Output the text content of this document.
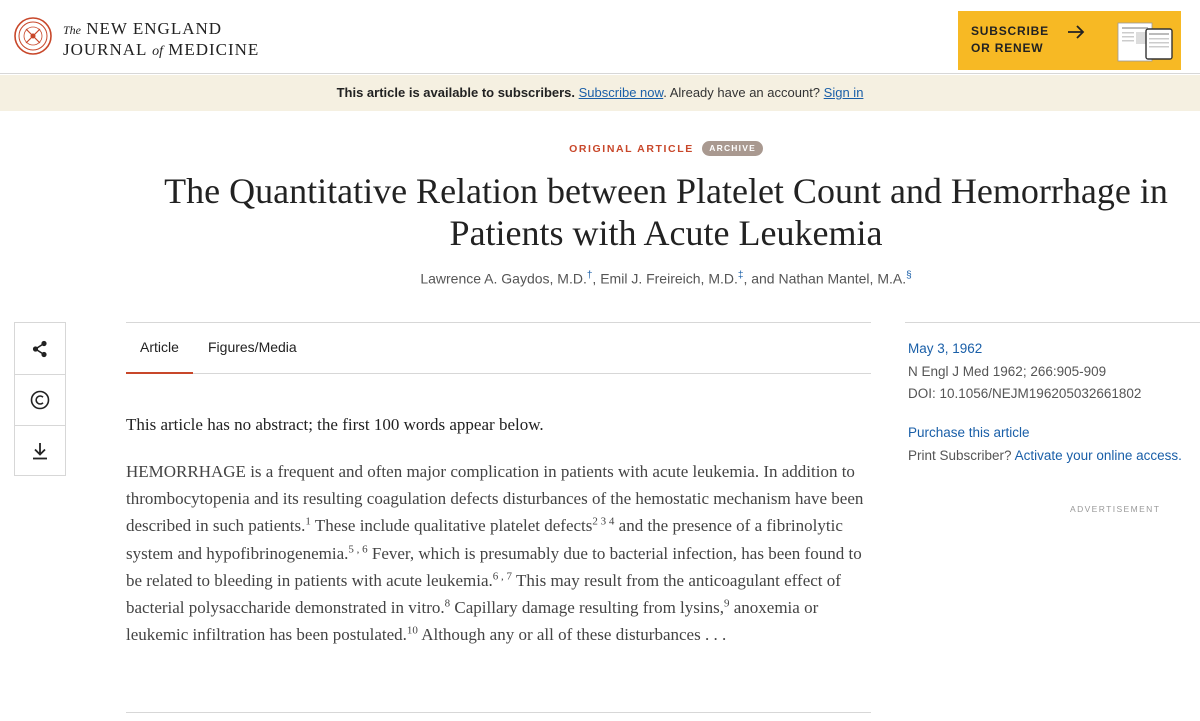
The NEW ENGLAND
JOURNAL of MEDICINE
SUBSCRIBE
OR RENEW
This article is available to subscribers. Subscribe now. Already have an account? Sign in
ORIGINAL ARTICLE ARCHIVE
The Quantitative Relation between Platelet Count and Hemorrhage in Patients with Acute Leukemia
Lawrence A. Gaydos, M.D.†, Emil J. Freireich, M.D.‡, and Nathan Mantel, M.A.§
Article	Figures/Media
This article has no abstract; the first 100 words appear below.
HEMORRHAGE is a frequent and often major complication in patients with acute leukemia. In addition to thrombocytopenia and its resulting coagulation defects disturbances of the hemostatic mechanism have been described in such patients.$^1$ These include qualitative platelet defects$^{2 3 4}$ and the presence of a fibrinolytic system and hypofibrinogenemia.$^{5 , 6}$ Fever, which is presumably due to bacterial infection, has been found to be related to bleeding in patients with acute leukemia.$^{6 , 7}$ This may result from the anticoagulant effect of bacterial polysaccharide demonstrated in vitro.$^8$ Capillary damage resulting from lysins,$^9$ anoxemia or leukemic infiltration has been postulated.$^{10}$ Although any or all of these disturbances . . .
May 3, 1962
N Engl J Med 1962; 266:905-909
DOI: 10.1056/NEJM196205032661802
Purchase this article
Print Subscriber? Activate your online access.
ADVERTISEMENT
